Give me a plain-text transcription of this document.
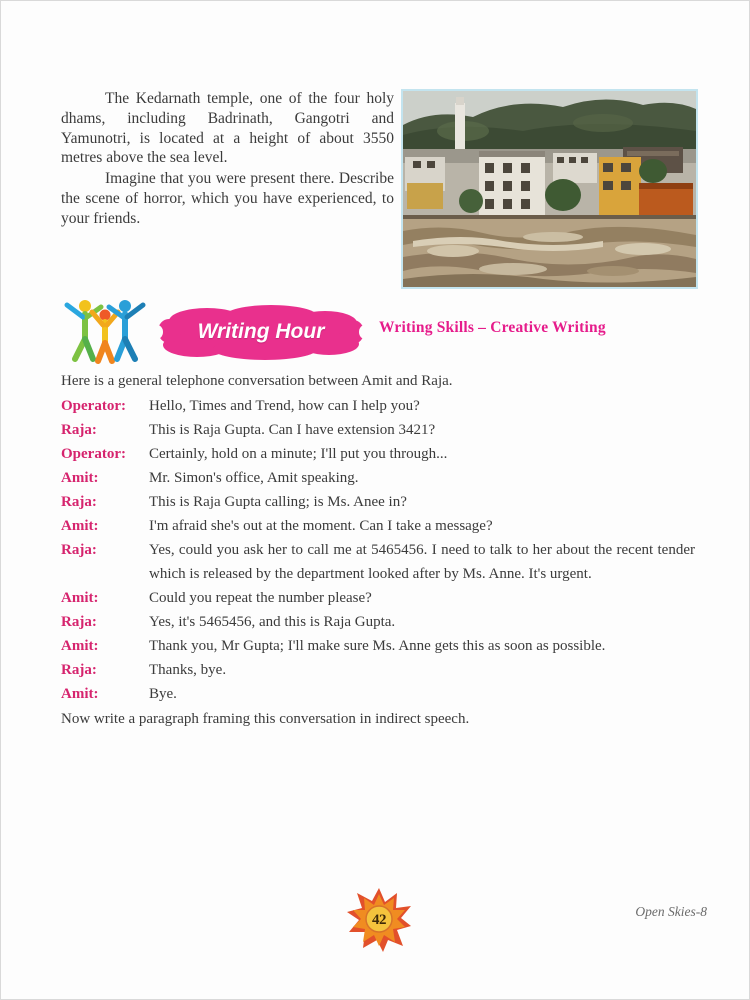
The Kedarnath temple, one of the four holy dhams, including Badrinath, Gangotri and Yamunotri, is located at a height of about 3550 metres above the sea level.

Imagine that you were present there. Describe the scene of horror, which you have experienced, to your friends.

Writing Hour	Writing Skills – Creative Writing

Here is a general telephone conversation between Amit and Raja.

Operator:	Hello, Times and Trend, how can I help you?
Raja:	This is Raja Gupta. Can I have extension 3421?
Operator:	Certainly, hold on a minute; I'll put you through...
Amit:	Mr. Simon's office, Amit speaking.
Raja:	This is Raja Gupta calling; is Ms. Anee in?
Amit:	I'm afraid she's out at the moment. Can I take a message?
Raja:	Yes, could you ask her to call me at 5465456. I need to talk to her about the recent tender which is released by the department looked after by Ms. Anne. It's urgent.
Amit:	Could you repeat the number please?
Raja:	Yes, it's 5465456, and this is Raja Gupta.
Amit:	Thank you, Mr Gupta; I'll make sure Ms. Anne gets this as soon as possible.
Raja:	Thanks, bye.
Amit:	Bye.

Now write a paragraph framing this conversation in indirect speech.

42	Open Skies-8
